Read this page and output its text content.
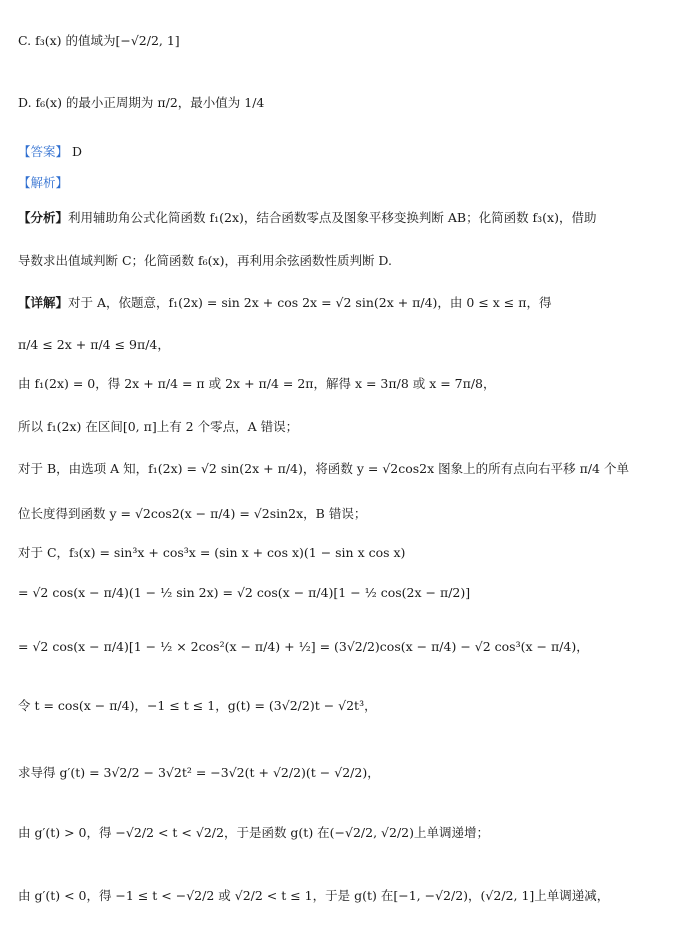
C. f₃(x) 的值域为[−√2/2, 1]
D. f₆(x) 的最小正周期为 π/2，最小值为 1/4
【答案】 D
【解析】
【分析】利用辅助角公式化简函数 f₁(2x)，结合函数零点及图象平移变换判断 AB；化简函数 f₃(x)，借助
导数求出值域判断 C；化简函数 f₆(x)，再利用余弦函数性质判断 D.
【详解】对于 A，依题意，f₁(2x) = sin 2x + cos 2x = √2 sin(2x + π/4)，由 0 ≤ x ≤ π，得
π/4 ≤ 2x + π/4 ≤ 9π/4，
由 f₁(2x) = 0，得 2x + π/4 = π 或 2x + π/4 = 2π，解得 x = 3π/8 或 x = 7π/8，
所以 f₁(2x) 在区间[0, π]上有 2 个零点，A 错误；
对于 B，由选项 A 知，f₁(2x) = √2 sin(2x + π/4)，将函数 y = √2cos2x 图象上的所有点向右平移 π/4 个单
位长度得到函数 y = √2cos2(x − π/4) = √2sin2x，B 错误；
对于 C，f₃(x) = sin³x + cos³x = (sin x + cos x)(1 − sin x cos x)
= √2 cos(x − π/4)(1 − ½ sin 2x) = √2 cos(x − π/4)[1 − ½ cos(2x − π/2)]
= √2 cos(x − π/4)[1 − ½ × 2cos²(x − π/4) + ½] = (3√2/2)cos(x − π/4) − √2 cos³(x − π/4)，
令 t = cos(x − π/4)，−1 ≤ t ≤ 1，g(t) = (3√2/2)t − √2t³，
求导得 g′(t) = 3√2/2 − 3√2t² = −3√2(t + √2/2)(t − √2/2)，
由 g′(t) > 0，得 −√2/2 < t < √2/2，于是函数 g(t) 在(−√2/2, √2/2)上单调递增；
由 g′(t) < 0，得 −1 ≤ t < −√2/2 或 √2/2 < t ≤ 1，于是 g(t) 在[−1, −√2/2)，(√2/2, 1]上单调递减，
